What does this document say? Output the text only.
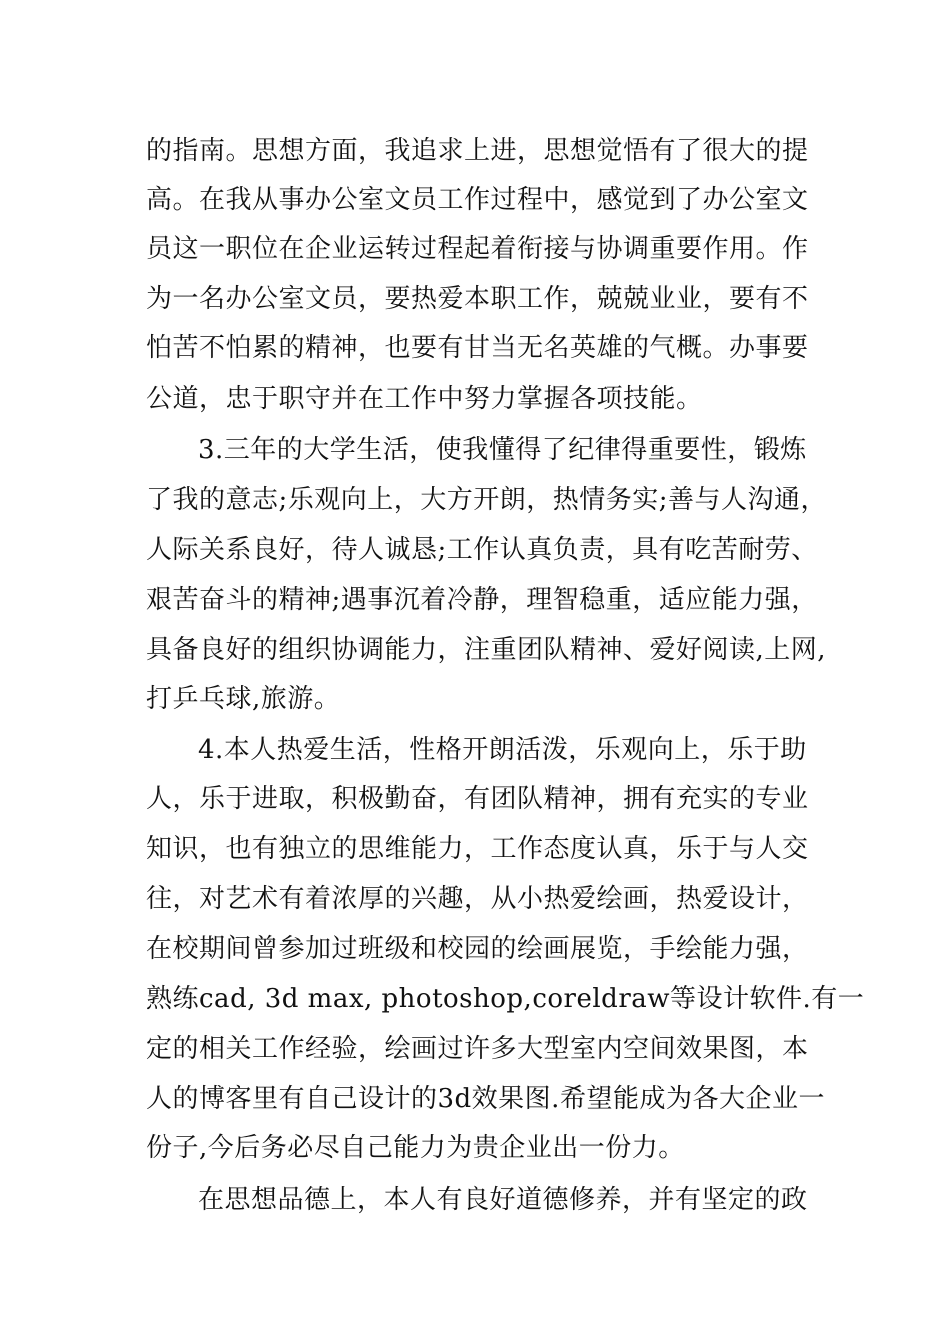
的指南。思想方面，我追求上进，思想觉悟有了很大的提
高。在我从事办公室文员工作过程中，感觉到了办公室文
员这一职位在企业运转过程起着衔接与协调重要作用。作
为一名办公室文员，要热爱本职工作，兢兢业业，要有不
怕苦不怕累的精神，也要有甘当无名英雄的气概。办事要
公道，忠于职守并在工作中努力掌握各项技能。
3.三年的大学生活，使我懂得了纪律得重要性，锻炼
了我的意志;乐观向上，大方开朗，热情务实;善与人沟通，
人际关系良好，待人诚恳;工作认真负责，具有吃苦耐劳、
艰苦奋斗的精神;遇事沉着冷静，理智稳重，适应能力强，
具备良好的组织协调能力，注重团队精神、爱好阅读,上网,
打乒乓球,旅游。
4.本人热爱生活，性格开朗活泼，乐观向上，乐于助
人，乐于进取，积极勤奋，有团队精神，拥有充实的专业
知识，也有独立的思维能力，工作态度认真，乐于与人交
往，对艺术有着浓厚的兴趣，从小热爱绘画，热爱设计，
在校期间曾参加过班级和校园的绘画展览，手绘能力强，
熟练cad, 3d max, photoshop,coreldraw等设计软件.有一
定的相关工作经验，绘画过许多大型室内空间效果图，本
人的博客里有自己设计的3d效果图.希望能成为各大企业一
份子,今后务必尽自己能力为贵企业出一份力。
在思想品德上，本人有良好道德修养，并有坚定的政
